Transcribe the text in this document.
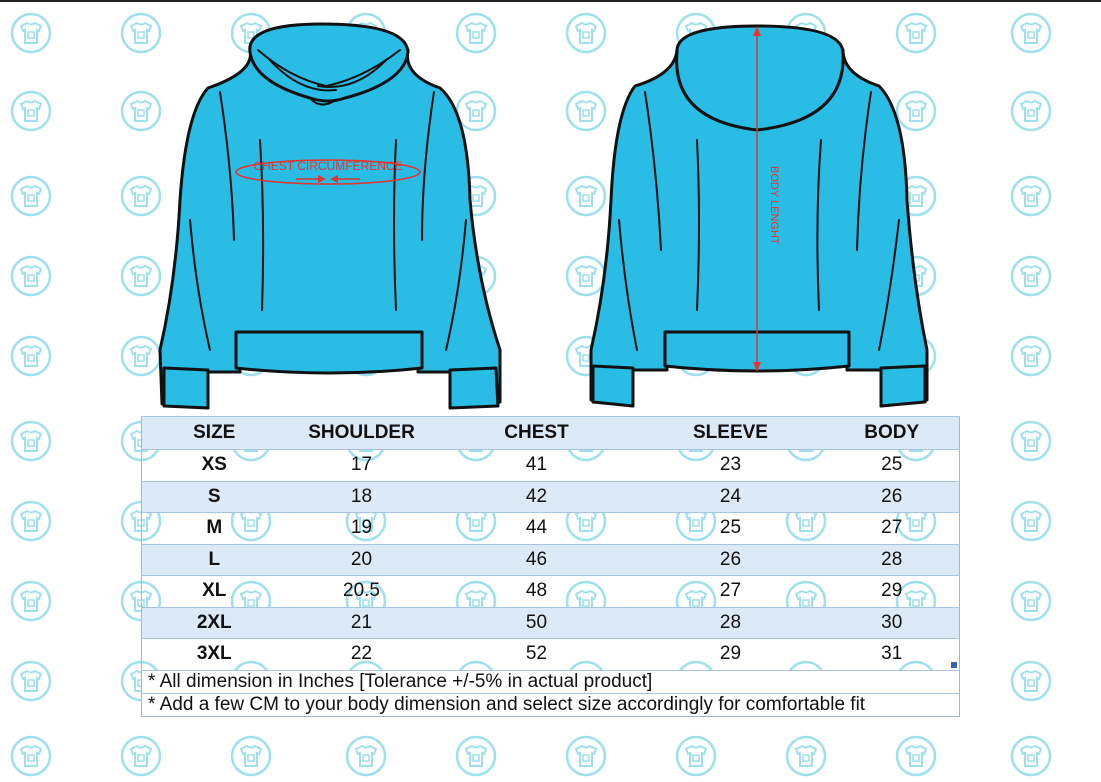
CHEST CIRCUMFERENCE	BODY LENGHT
SIZE	SHOULDER	CHEST	SLEEVE	BODY
XS	17	41	23	25
S	18	42	24	26
M	19	44	25	27
L	20	46	26	28
XL	20.5	48	27	29
2XL	21	50	28	30
3XL	22	52	29	31
* All dimension in Inches [Tolerance +/-5% in actual product]				
* Add a few CM to your body dimension and select size accordingly for comfortable fit				
